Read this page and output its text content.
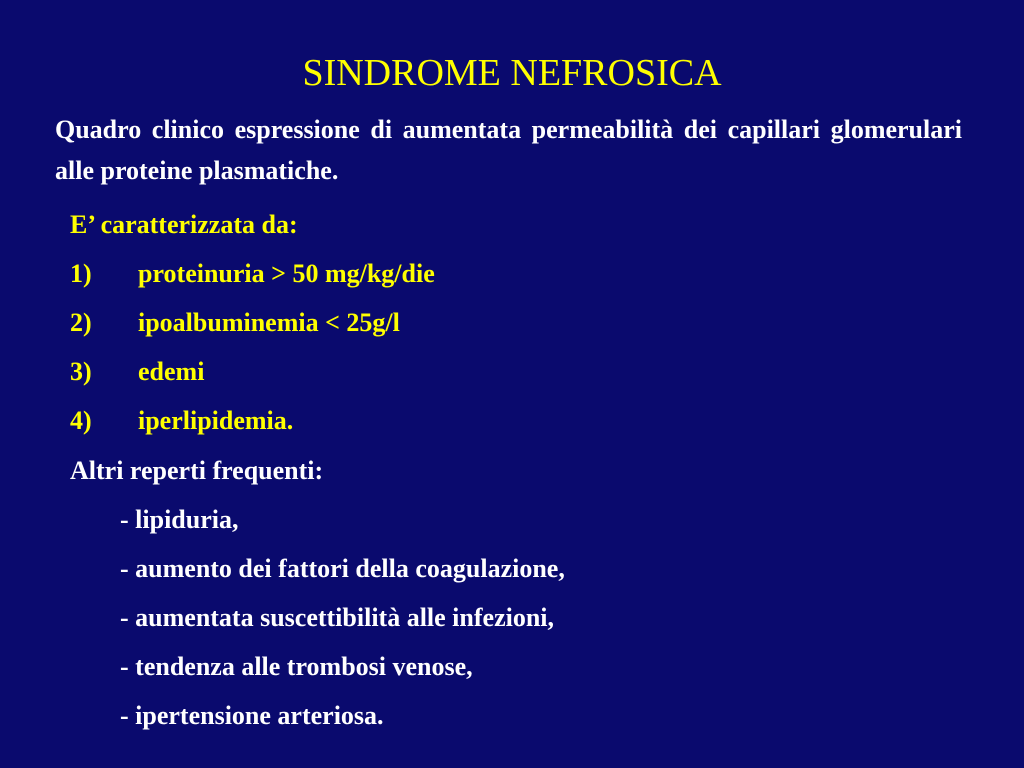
SINDROME NEFROSICA

Quadro clinico espressione di aumentata permeabilità dei capillari glomerulari alle proteine plasmatiche.

E’ caratterizzata da:

1) proteinuria > 50 mg/kg/die
2) ipoalbuminemia < 25g/l
3) edemi
4) iperlipidemia.

Altri reperti frequenti:

- lipiduria,

- aumento dei fattori della coagulazione,

- aumentata suscettibilità alle infezioni,

- tendenza alle trombosi venose,

- ipertensione arteriosa.
